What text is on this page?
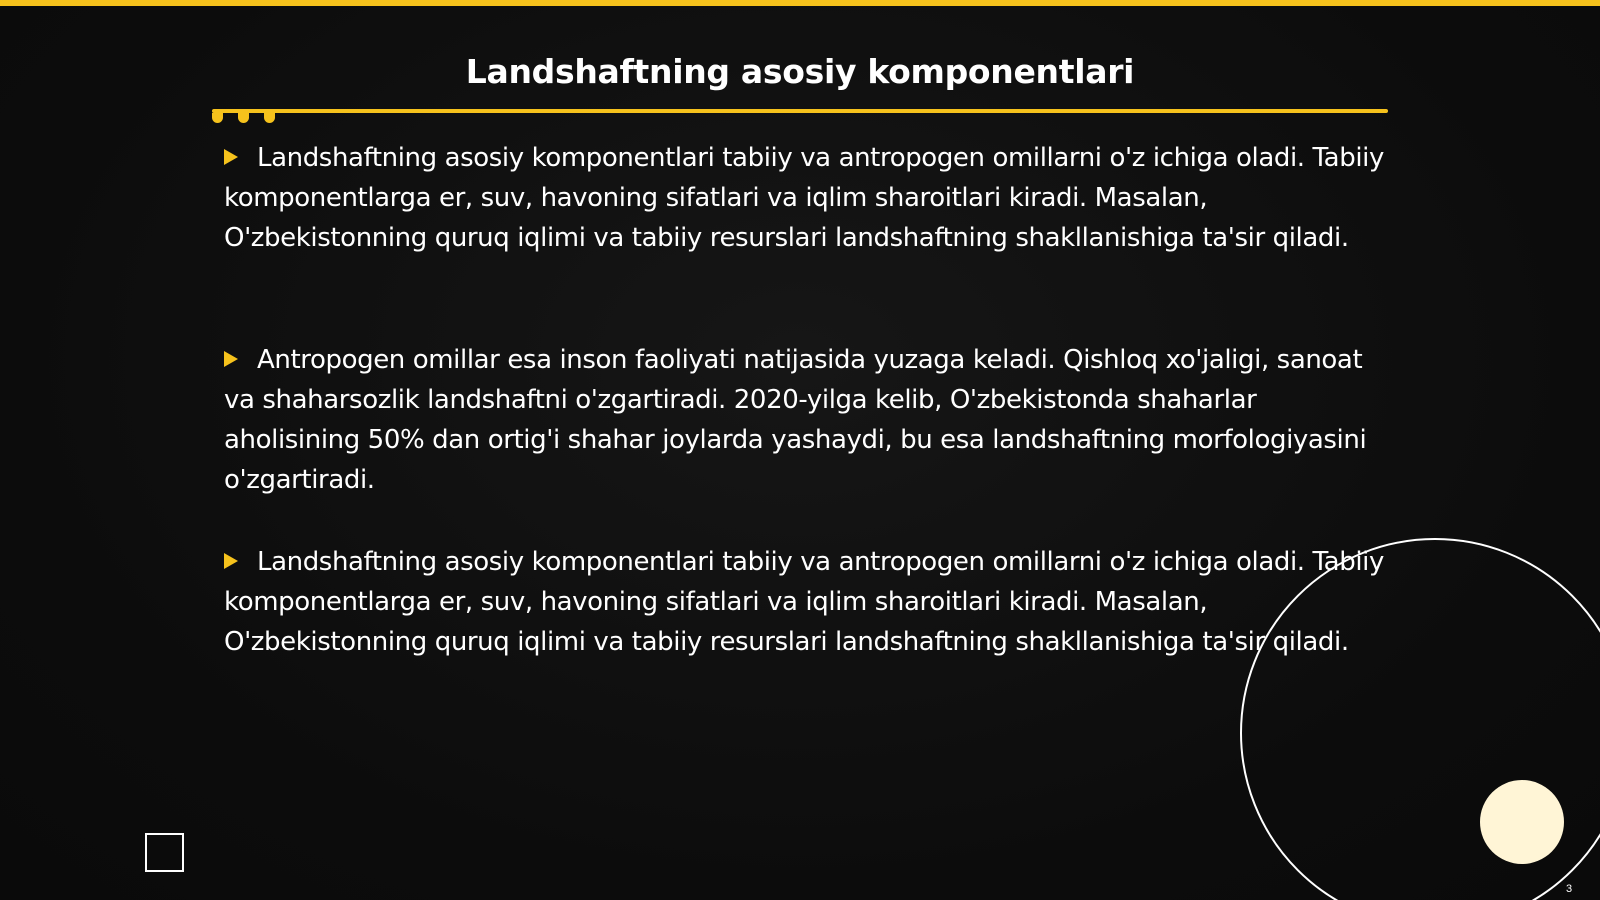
Landshaftning asosiy komponentlari

Landshaftning asosiy komponentlari tabiiy va antropogen omillarni o'z ichiga oladi. Tabiiy komponentlarga er, suv, havoning sifatlari va iqlim sharoitlari kiradi. Masalan, O'zbekistonning quruq iqlimi va tabiiy resurslari landshaftning shakllanishiga ta'sir qiladi.

Antropogen omillar esa inson faoliyati natijasida yuzaga keladi. Qishloq xo'jaligi, sanoat va shaharsozlik landshaftni o'zgartiradi. 2020-yilga kelib, O'zbekistonda shaharlar aholisining 50% dan ortig'i shahar joylarda yashaydi, bu esa landshaftning morfologiyasini o'zgartiradi.

Landshaftning asosiy komponentlari tabiiy va antropogen omillarni o'z ichiga oladi. Tabiiy komponentlarga er, suv, havoning sifatlari va iqlim sharoitlari kiradi. Masalan, O'zbekistonning quruq iqlimi va tabiiy resurslari landshaftning shakllanishiga ta'sir qiladi.

3
